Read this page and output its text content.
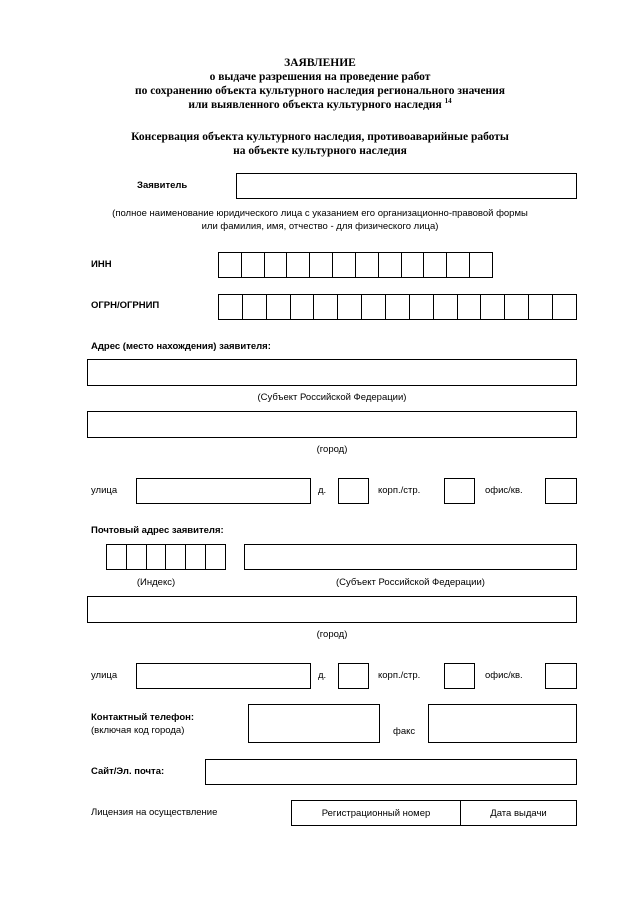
ЗАЯВЛЕНИЕ
о выдаче разрешения на проведение работ
по сохранению объекта культурного наследия регионального значения
или выявленного объекта культурного наследия $^{14}$
Консервация объекта культурного наследия, противоаварийные работы
на объекте культурного наследия
Заявитель
(полное наименование юридического лица с указанием его организационно-правовой формы
или фамилия, имя, отчество - для физического лица)
ИНН
ОГРН/ОГРНИП
Адрес (место нахождения) заявителя:
(Субъект Российской Федерации)
(город)
улица	д.	корп./стр.	офис/кв.
Почтовый адрес заявителя:
(Индекс)	(Субъект Российской Федерации)
(город)
улица	д.	корп./стр.	офис/кв.
Контактный телефон:
(включая код города)	факс
Сайт/Эл. почта:
Лицензия на осуществление	Регистрационный номер	Дата выдачи
